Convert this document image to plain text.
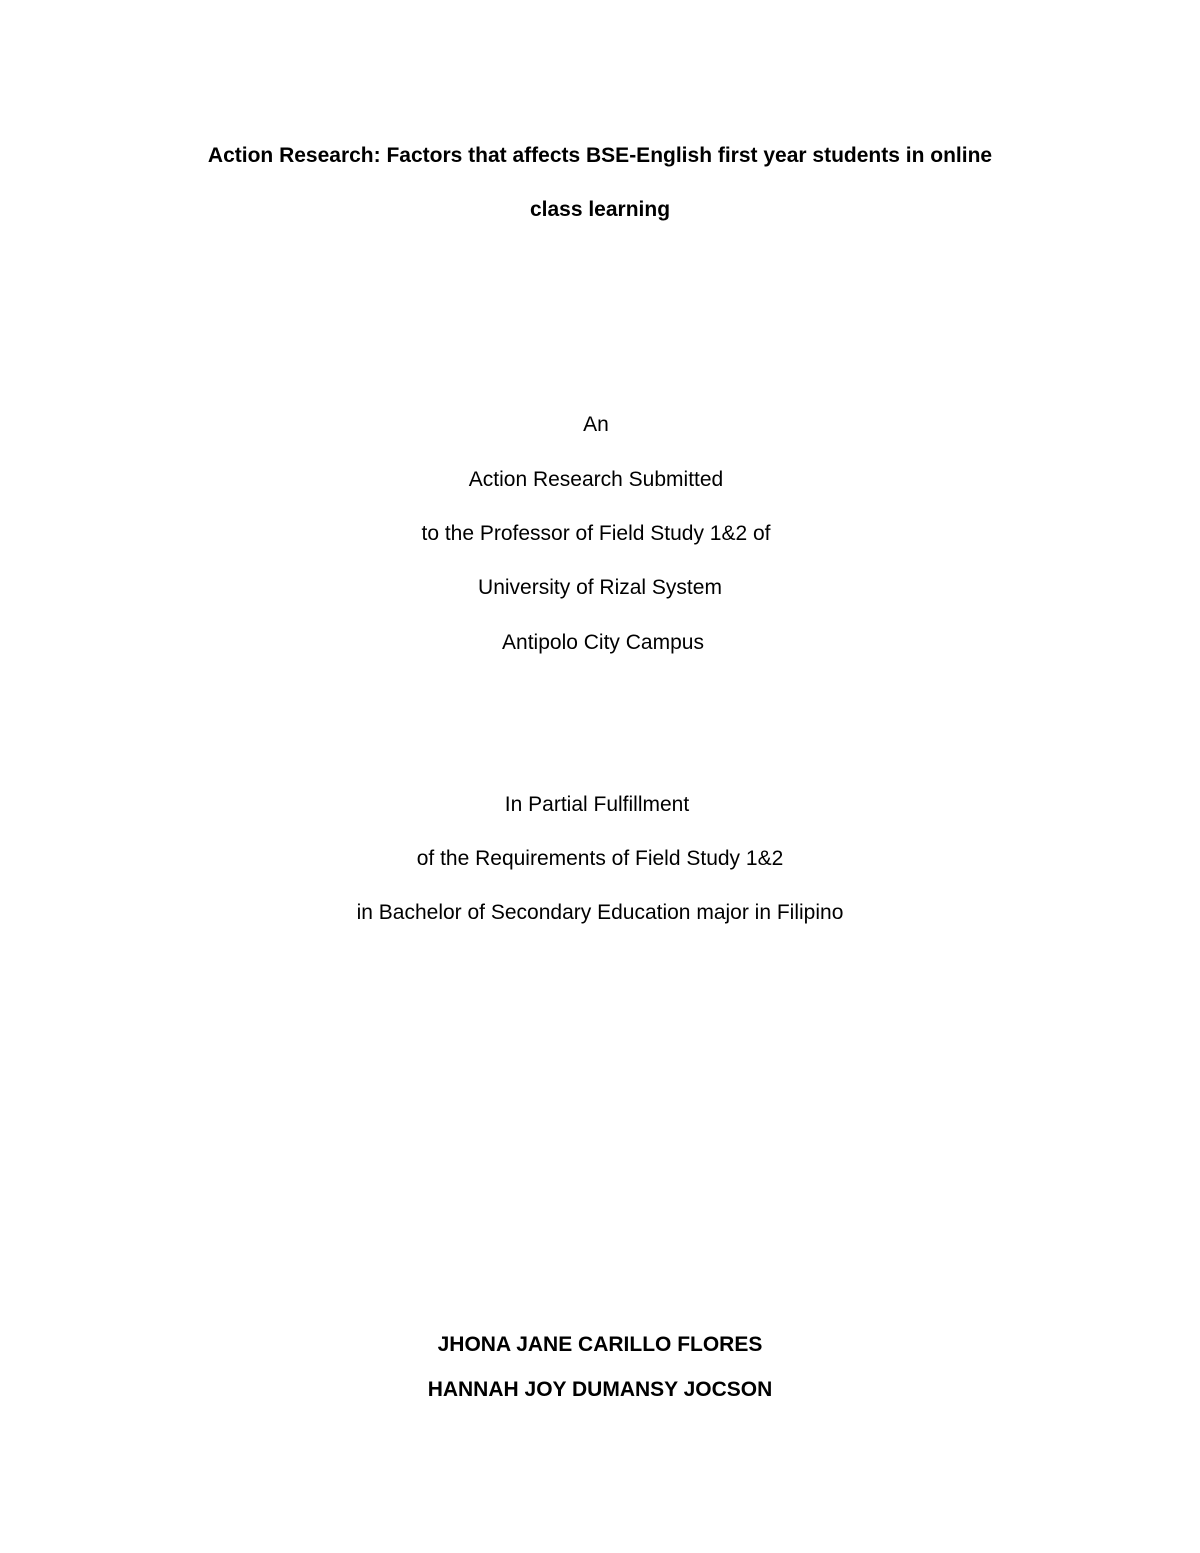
Action Research: Factors that affects BSE-English first year students in online
class learning
An
Action Research Submitted
to the Professor of Field Study 1&2 of
University of Rizal System
Antipolo City Campus
In Partial Fulfillment
of the Requirements of Field Study 1&2
in Bachelor of Secondary Education major in Filipino
JHONA JANE CARILLO FLORES
HANNAH JOY DUMANSY JOCSON
